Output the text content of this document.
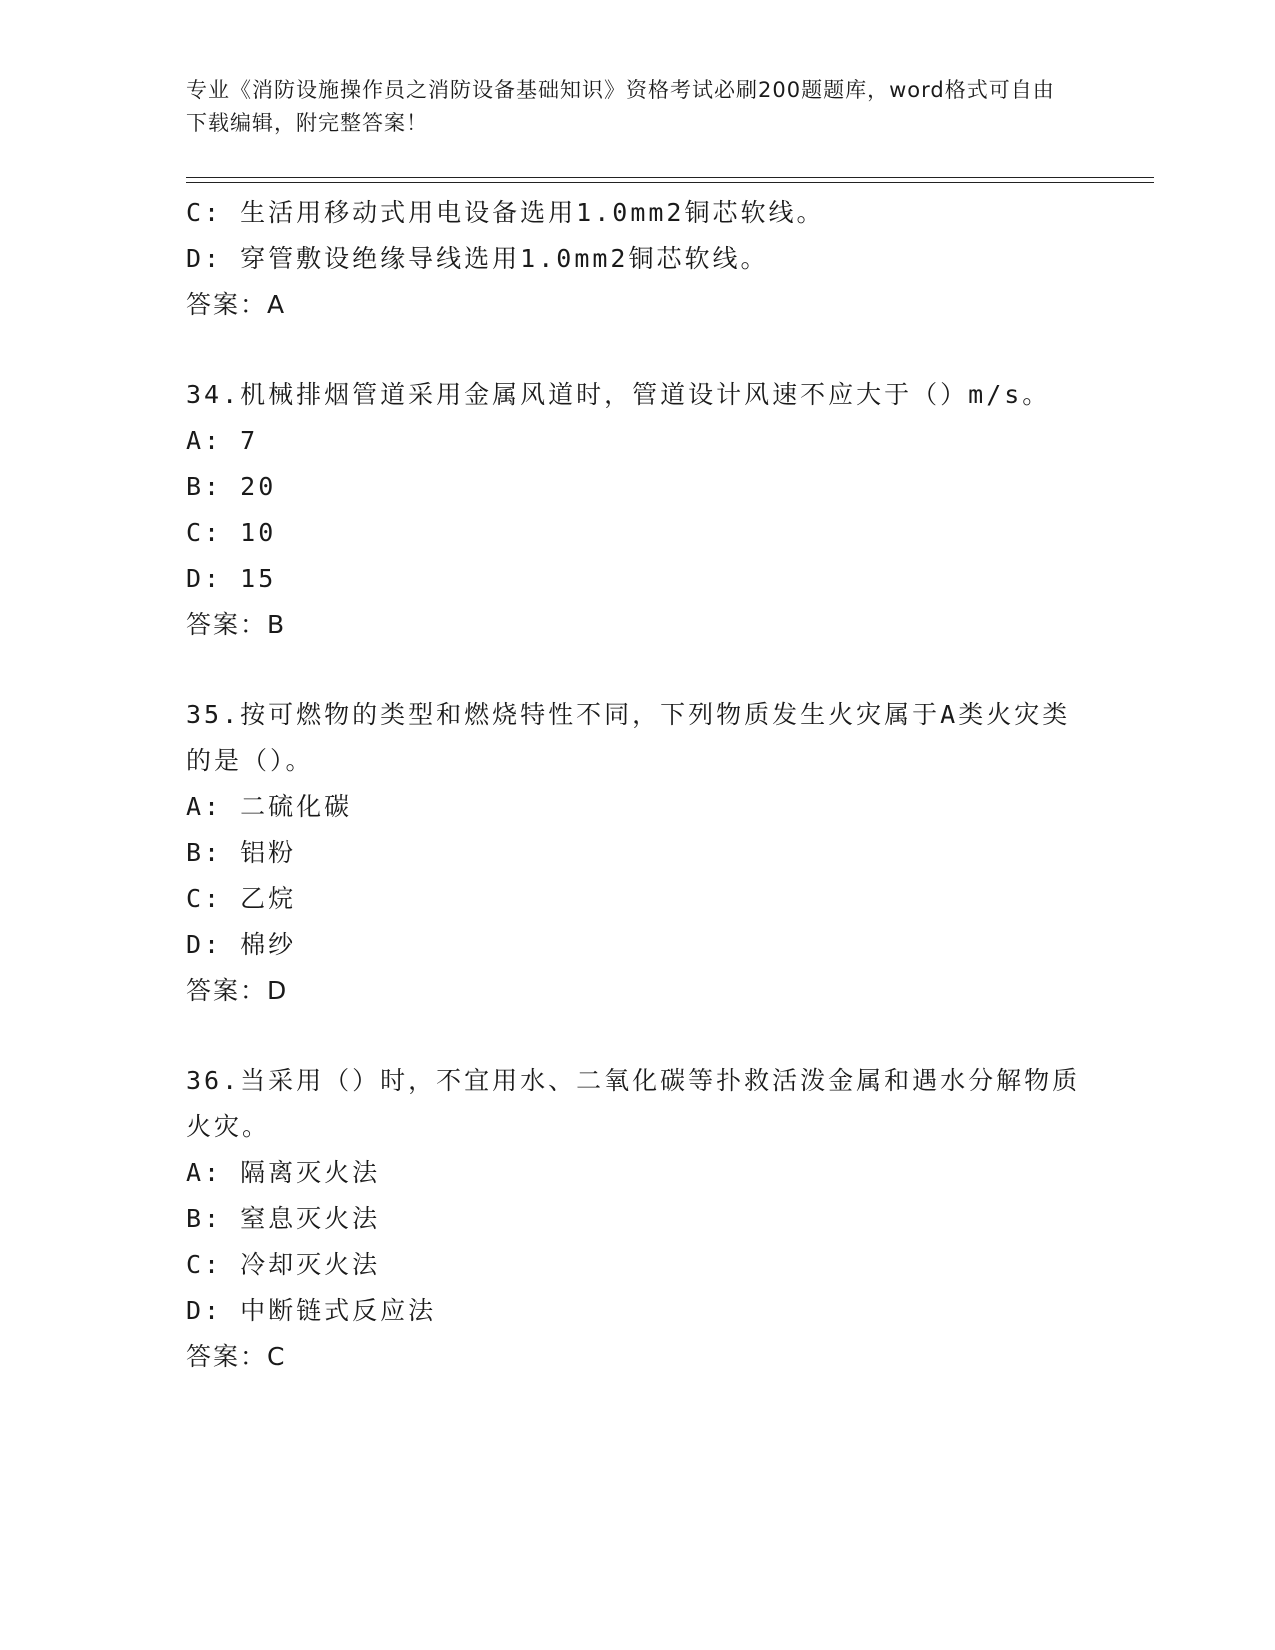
专业《消防设施操作员之消防设备基础知识》资格考试必刷200题题库，word格式可自由下载编辑，附完整答案！

C: 生活用移动式用电设备选用1.0mm2铜芯软线。

D: 穿管敷设绝缘导线选用1.0mm2铜芯软线。

答案：A

34.机械排烟管道采用金属风道时，管道设计风速不应大于（）m/s。

A: 7

B: 20

C: 10

D: 15

答案：B

35.按可燃物的类型和燃烧特性不同，下列物质发生火灾属于A类火灾类的是（）。

A: 二硫化碳

B: 铝粉

C: 乙烷

D: 棉纱

答案：D

36.当采用（）时，不宜用水、二氧化碳等扑救活泼金属和遇水分解物质火灾。

A: 隔离灭火法

B: 窒息灭火法

C: 冷却灭火法

D: 中断链式反应法

答案：C
